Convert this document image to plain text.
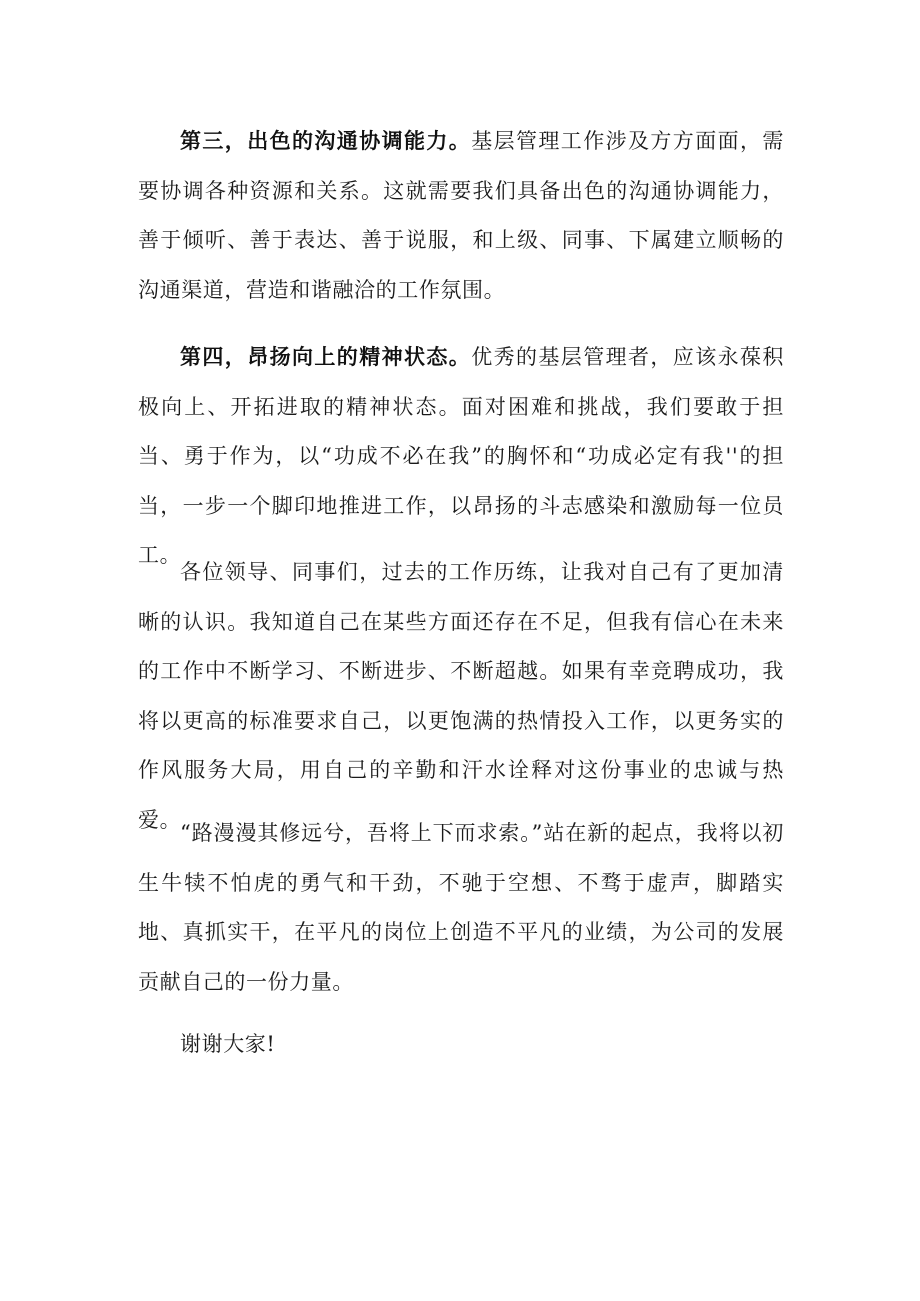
第三，出色的沟通协调能力。基层管理工作涉及方方面面，需要协调各种资源和关系。这就需要我们具备出色的沟通协调能力，善于倾听、善于表达、善于说服，和上级、同事、下属建立顺畅的沟通渠道，营造和谐融洽的工作氛围。

第四，昂扬向上的精神状态。优秀的基层管理者，应该永葆积极向上、开拓进取的精神状态。面对困难和挑战，我们要敢于担当、勇于作为，以“功成不必在我”的胸怀和“功成必定有我''的担当，一步一个脚印地推进工作，以昂扬的斗志感染和激励每一位员工。

各位领导、同事们，过去的工作历练，让我对自己有了更加清晰的认识。我知道自己在某些方面还存在不足，但我有信心在未来的工作中不断学习、不断进步、不断超越。如果有幸竞聘成功，我将以更高的标准要求自己，以更饱满的热情投入工作，以更务实的作风服务大局，用自己的辛勤和汗水诠释对这份事业的忠诚与热爱。

“路漫漫其修远兮，吾将上下而求索。”站在新的起点，我将以初生牛犊不怕虎的勇气和干劲，不驰于空想、不骛于虚声，脚踏实地、真抓实干，在平凡的岗位上创造不平凡的业绩，为公司的发展贡献自己的一份力量。

谢谢大家!
